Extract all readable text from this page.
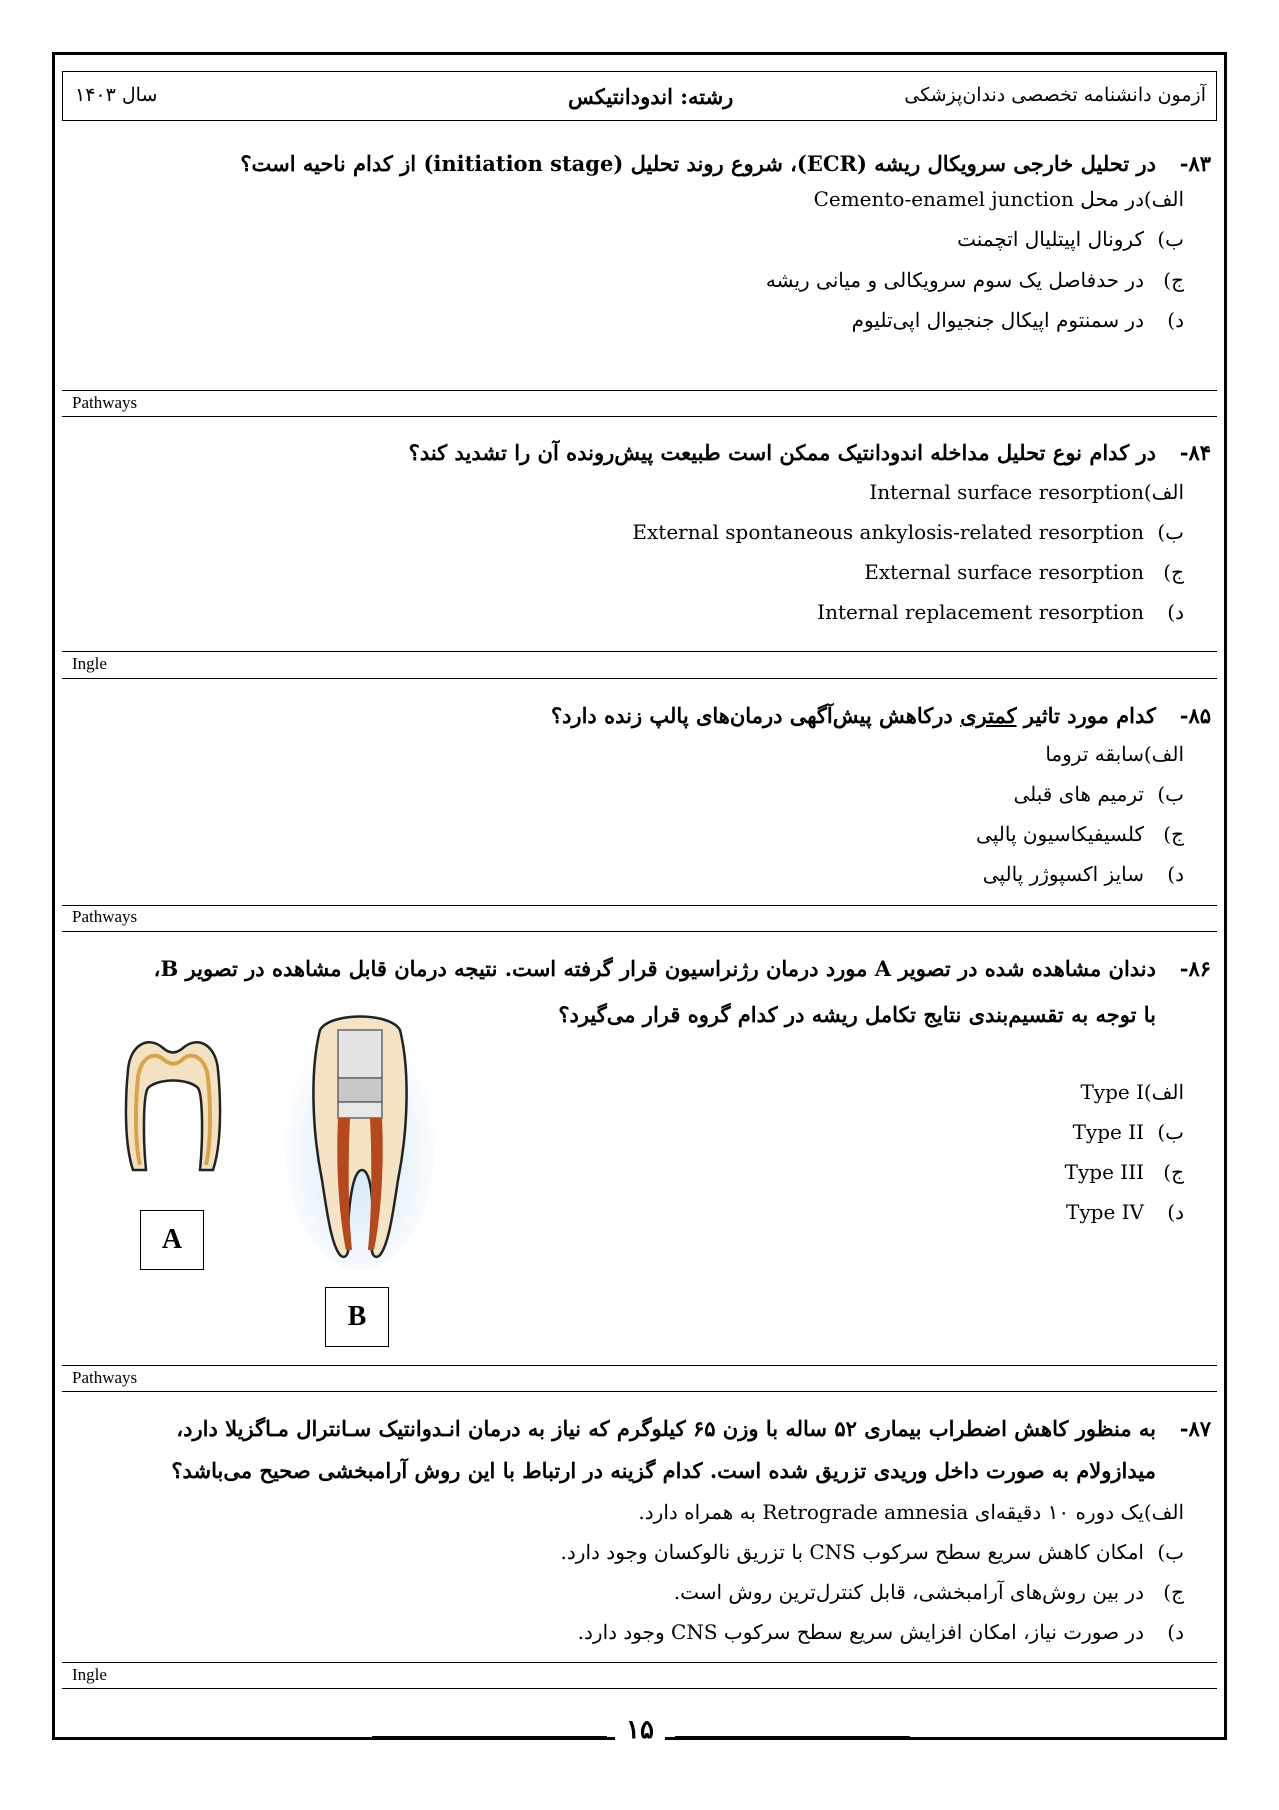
آزمون دانشنامه تخصصی دندان‌پزشکی
رشته: اندودانتیکس
سال ۱۴۰۳
۸۳-در تحلیل خارجی سرویکال ریشه (ECR)، شروع روند تحلیل (initiation stage) از کدام ناحیه است؟
الف)در محل Cemento-enamel junction
ب)کرونال اپیتلیال اتچمنت
ج)در حدفاصل یک سوم سرویکالی و میانی ریشه
د)در سمنتوم اپیکال جنجیوال اپی‌تلیوم
Pathways
۸۴-در کدام نوع تحلیل مداخله اندودانتیک ممکن است طبیعت پیش‌رونده آن را تشدید کند؟
الف)Internal surface resorption
ب)External spontaneous ankylosis-related resorption
ج)External surface resorption
د)Internal replacement resorption
Ingle
۸۵-کدام مورد تاثیر کمتری درکاهش پیش‌آگهی درمان‌های پالپ زنده دارد؟
الف)سابقه تروما
ب)ترمیم های قبلی
ج)کلسیفیکاسیون پالپی
د)سایز اکسپوژر پالپی
Pathways
۸۶-دندان مشاهده شده در تصویر A مورد درمان رژنراسیون قرار گرفته است. نتیجه درمان قابل مشاهده در تصویر B،
با توجه به تقسیم‌بندی نتایج تکامل ریشه در کدام گروه قرار می‌گیرد؟
الف)Type I
ب)Type II
ج)Type III
د)Type IV
A
B
Pathways
۸۷-به منظور کاهش اضطراب بیماری ۵۲ ساله با وزن ۶۵ کیلوگرم که نیاز به درمان انـدوانتیک سـانترال مـاگزیلا دارد،
میدازولام به صورت داخل وریدی تزریق شده است. کدام گزینه در ارتباط با این روش آرامبخشی صحیح می‌باشد؟
الف)یک دوره ۱۰ دقیقه‌ای Retrograde amnesia به همراه دارد.
ب)امکان کاهش سریع سطح سرکوب CNS با تزریق نالوکسان وجود دارد.
ج)در بین روش‌های آرامبخشی، قابل کنترل‌ترین روش است.
د)در صورت نیاز، امکان افزایش سریع سطح سرکوب CNS وجود دارد.
Ingle
۱۵
